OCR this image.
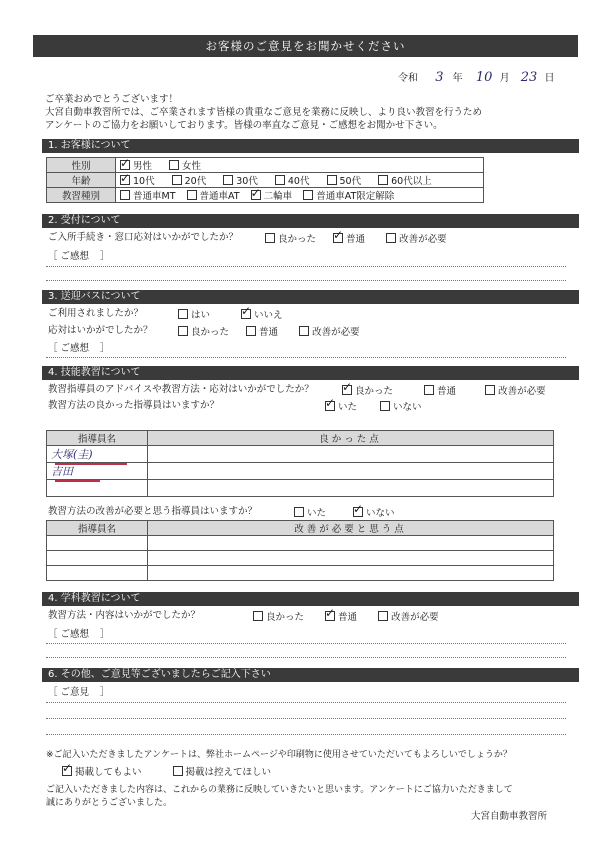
お客様のご意見をお聞かせください
令和 3 年 10 月 23 日
ご卒業おめでとうございます！
大宮自動車教習所では、ご卒業されます皆様の貴重なご意見を業務に反映し、より良い教習を行うため
アンケートのご協力をお願いしております。皆様の率直なご意見・ご感想をお聞かせ下さい。
1. お客様について
性別	✓男性 女性
年齢	✓10代 20代 30代 40代 50代 60代以上
教習種別	普通車MT 普通車AT ✓ 二輪車 普通車AT限定解除
2. 受付について
ご入所手続き・窓口応対はいかがでしたか？	良かった ✓	普通	改善が必要
［ ご感想 ］
3. 送迎バスについて
ご利用されましたか？	はい ✓	いいえ
応対はいかがでしたか？	良かった	普通	改善が必要
［ ご感想 ］
4. 技能教習について
教習指導員のアドバイスや教習方法・応対はいかがでしたか？ ✓	良かった	普通	改善が必要
教習方法の良かった指導員はいますか？ ✓	いた	いない
指導員名	良かった点
大塚(圭)	
吉田	

教習方法の改善が必要と思う指導員はいますか？	いた ✓	いない
指導員名	改善が必要と思う点

4. 学科教習について
教習方法・内容はいかがでしたか？	良かった ✓	普通	改善が必要
［ ご感想 ］
6. その他、ご意見等ございましたらご記入下さい
［ ご意見 ］
※ご記入いただきましたアンケートは、弊社ホームページや印刷物に使用させていただいてもよろしいでしょうか？
✓掲載してもよい	掲載は控えてほしい
ご記入いただきました内容は、これからの業務に反映していきたいと思います。アンケートにご協力いただきまして
誠にありがとうございました。
大宮自動車教習所
